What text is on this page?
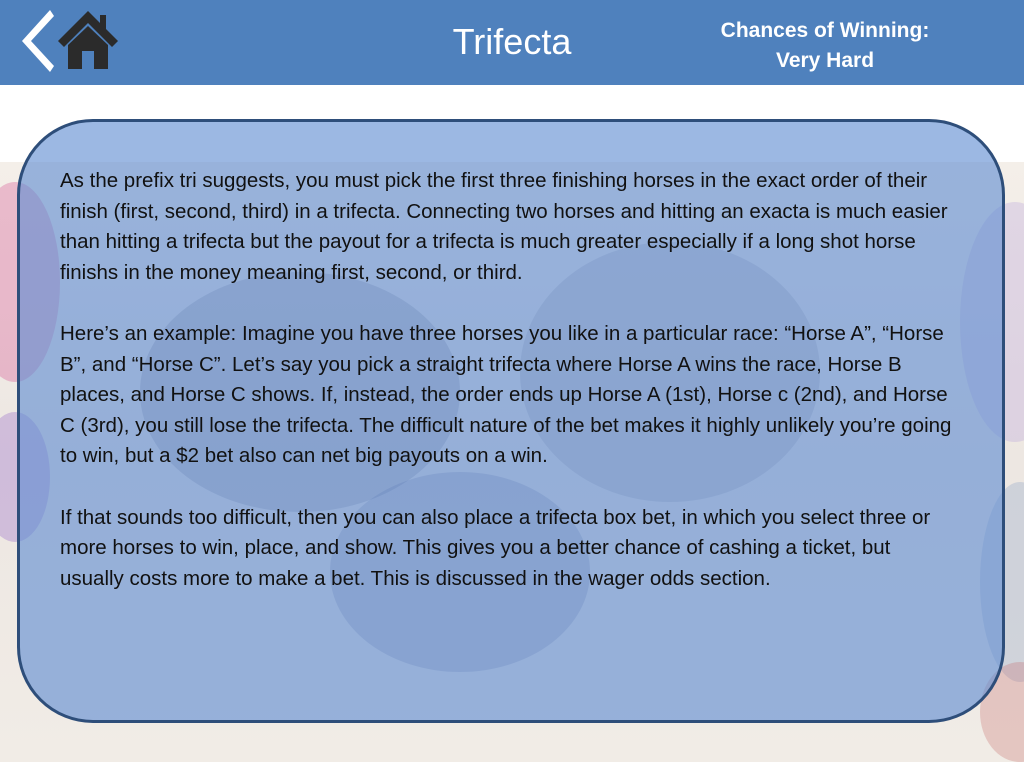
Trifecta	Chances of Winning:
Very Hard

As the prefix tri suggests, you must pick the first three finishing horses in the exact order of their finish (first, second, third) in a trifecta. Connecting two horses and hitting an exacta is much easier than hitting a trifecta but the payout for a trifecta is much greater especially if a long shot horse finishs in the money meaning first, second, or third.

Here’s an example: Imagine you have three horses you like in a particular race: “Horse A”, “Horse B”, and “Horse C”. Let’s say you pick a straight trifecta where Horse A wins the race, Horse B places, and Horse C shows. If, instead, the order ends up Horse A (1st), Horse c (2nd), and Horse C (3rd), you still lose the trifecta. The difficult nature of the bet makes it highly unlikely you’re going to win, but a $2 bet also can net big payouts on a win.

If that sounds too difficult, then you can also place a trifecta box bet, in which you select three or more horses to win, place, and show. This gives you a better chance of cashing a ticket, but usually costs more to make a bet. This is discussed in the wager odds section.
